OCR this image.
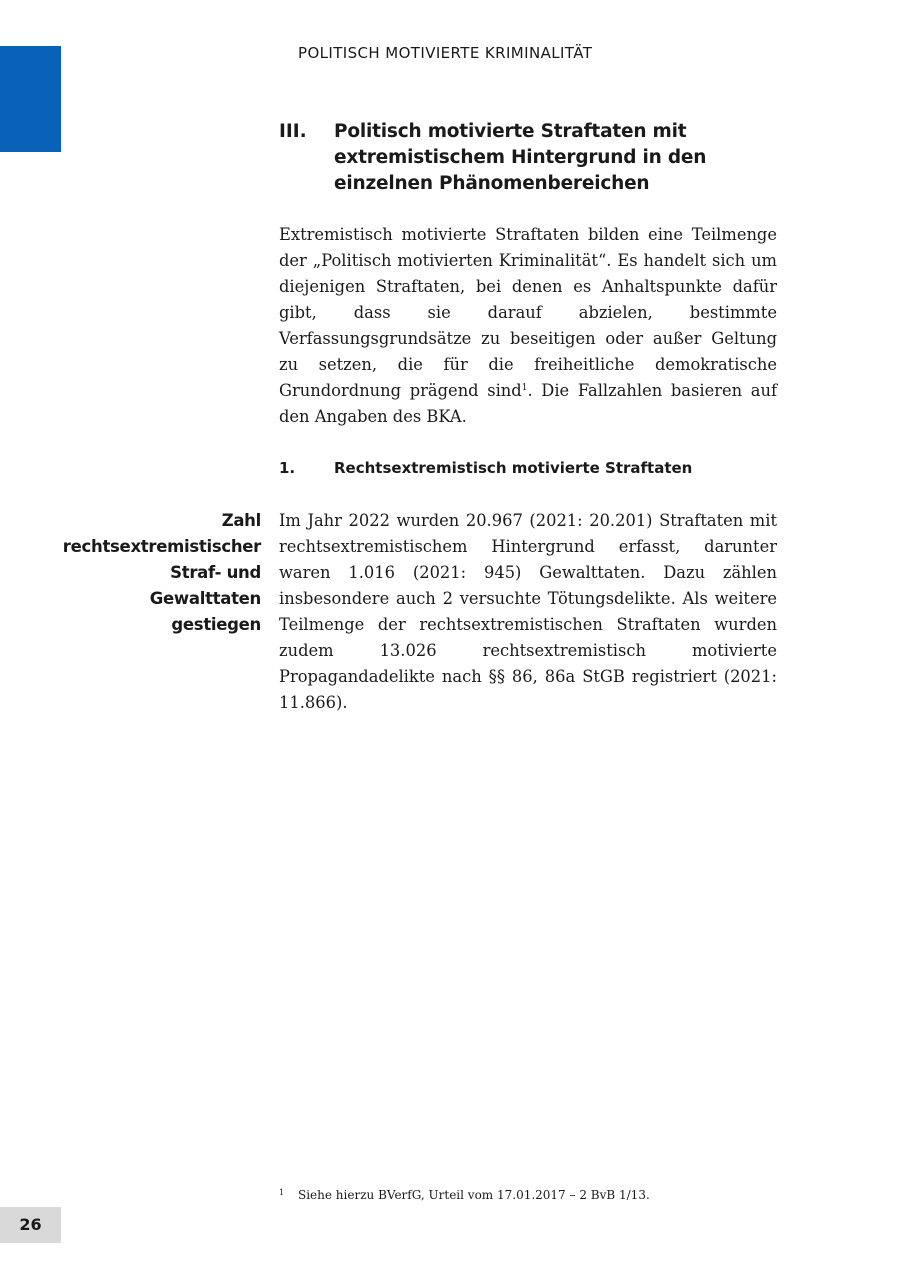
POLITISCH MOTIVIERTE KRIMINALITÄT
III. Politisch motivierte Straftaten mit extremistischem Hintergrund in den einzelnen Phänomenbereichen

Extremistisch motivierte Straftaten bilden eine Teilmenge der „Politisch motivierten Kriminalität“. Es handelt sich um diejenigen Straftaten, bei denen es Anhaltspunkte dafür gibt, dass sie darauf abzielen, bestimmte Verfassungsgrundsätze zu beseitigen oder außer Geltung zu setzen, die für die freiheitliche demokratische Grundordnung prägend sind$^1$. Die Fallzahlen basieren auf den Angaben des BKA.

1.	Rechtsextremistisch motivierte Straftaten
Zahl rechtsextremistischer Straf- und Gewalttaten gestiegen

Im Jahr 2022 wurden 20.967 (2021: 20.201) Straftaten mit rechtsextremistischem Hintergrund erfasst, darunter waren 1.016 (2021: 945) Gewalttaten. Dazu zählen insbesondere auch 2 versuchte Tötungsdelikte. Als weitere Teilmenge der rechtsextremistischen Straftaten wurden zudem 13.026 rechtsextremistisch motivierte Propagandadelikte nach §§ 86, 86a StGB registriert (2021: 11.866).

1 Siehe hierzu BVerfG, Urteil vom 17.01.2017 – 2 BvB 1/13.
26
